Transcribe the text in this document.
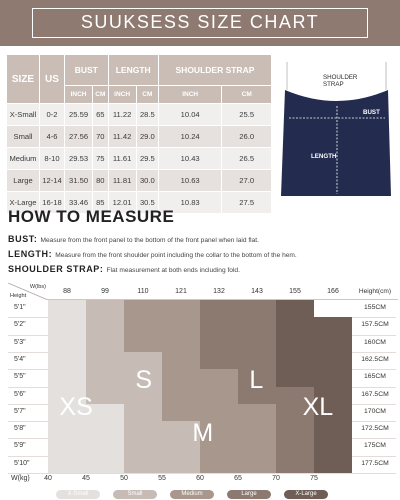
SUUKSESS SIZE CHART
SIZE	US	BUST		LENGTH		SHOULDER STRAP	
		INCH	CM	INCH	CM	INCH	CM
X-Small	0-2	25.59	65	11.22	28.5	10.04	25.5
Small	4-6	27.56	70	11.42	29.0	10.24	26.0
Medium	8-10	29.53	75	11.61	29.5	10.43	26.5
Large	12-14	31.50	80	11.81	30.0	10.63	27.0
X-Large	16-18	33.46	85	12.01	30.5	10.83	27.5
SHOULDER STRAP
BUST
LENGTH
HOW TO MEASURE
BUST: Measure from the front panel to the bottom of the front panel when laid flat.
LENGTH: Measure from the front shoulder point including the collar to the bottom of the hem.
SHOULDER STRAP: Flat measurement at both ends including fold.
W(lbs)
Height
W(kg)
88	99	110	121	132	143	155	166	Height(cm)
5'1"	155CM
5'2"	157.5CM
5'3"	160CM
5'4"	162.5CM
5'5"	165CM
5'6"	167.5CM
5'7"	170CM
5'8"	172.5CM
5'9"	175CM
5'10"	177.5CM
XS
S
M
L
XL
40	45	50	55	60	65	70	75
X-Small	Small	Medium	Large	X-Large
